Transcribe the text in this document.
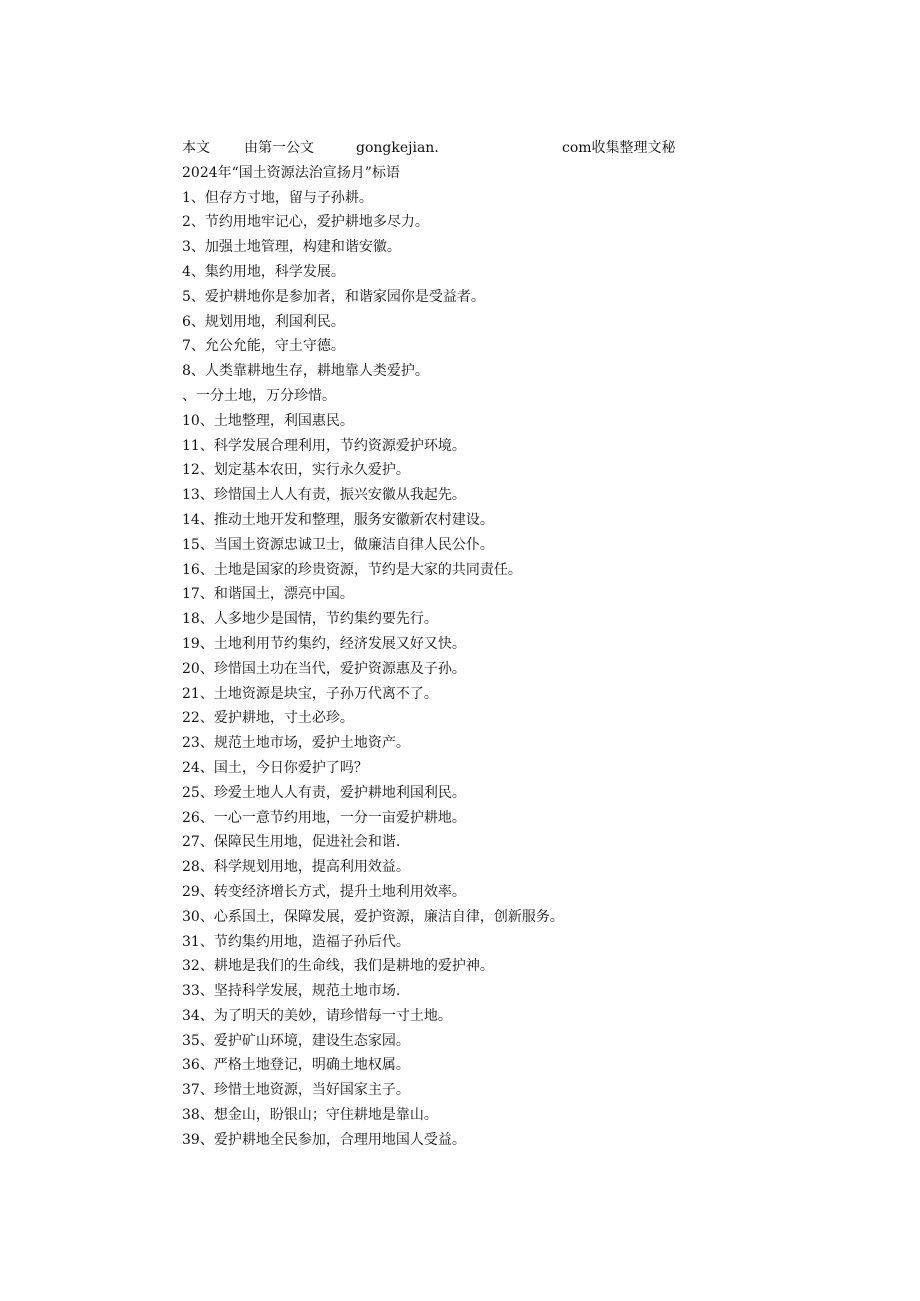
本文 由第一公文	gongkejian.	com收集整理文秘
2024年“国土资源法治宣扬月”标语
1、但存方寸地，留与子孙耕。
2、节约用地牢记心，爱护耕地多尽力。
3、加强土地管理，构建和谐安徽。
4、集约用地，科学发展。
5、爱护耕地你是参加者，和谐家园你是受益者。
6、规划用地，利国利民。
7、允公允能，守土守德。
8、人类靠耕地生存，耕地靠人类爱护。
、一分土地，万分珍惜。
10、土地整理，利国惠民。
11、科学发展合理利用，节约资源爱护环境。
12、划定基本农田，实行永久爱护。
13、珍惜国土人人有责，振兴安徽从我起先。
14、推动土地开发和整理，服务安徽新农村建设。
15、当国土资源忠诚卫士，做廉洁自律人民公仆。
16、土地是国家的珍贵资源，节约是大家的共同责任。
17、和谐国土，漂亮中国。
18、人多地少是国情，节约集约要先行。
19、土地利用节约集约，经济发展又好又快。
20、珍惜国土功在当代，爱护资源惠及子孙。
21、土地资源是块宝，子孙万代离不了。
22、爱护耕地，寸土必珍。
23、规范土地市场，爱护土地资产。
24、国土，今日你爱护了吗？
25、珍爱土地人人有责，爱护耕地利国利民。
26、一心一意节约用地，一分一亩爱护耕地。
27、保障民生用地，促进社会和谐.
28、科学规划用地，提高利用效益。
29、转变经济增长方式，提升土地利用效率。
30、心系国土，保障发展，爱护资源，廉洁自律，创新服务。
31、节约集约用地，造福子孙后代。
32、耕地是我们的生命线，我们是耕地的爱护神。
33、坚持科学发展，规范土地市场.
34、为了明天的美妙，请珍惜每一寸土地。
35、爱护矿山环境，建设生态家园。
36、严格土地登记，明确土地权属。
37、珍惜土地资源，当好国家主子。
38、想金山，盼银山；守住耕地是靠山。
39、爱护耕地全民参加，合理用地国人受益。
